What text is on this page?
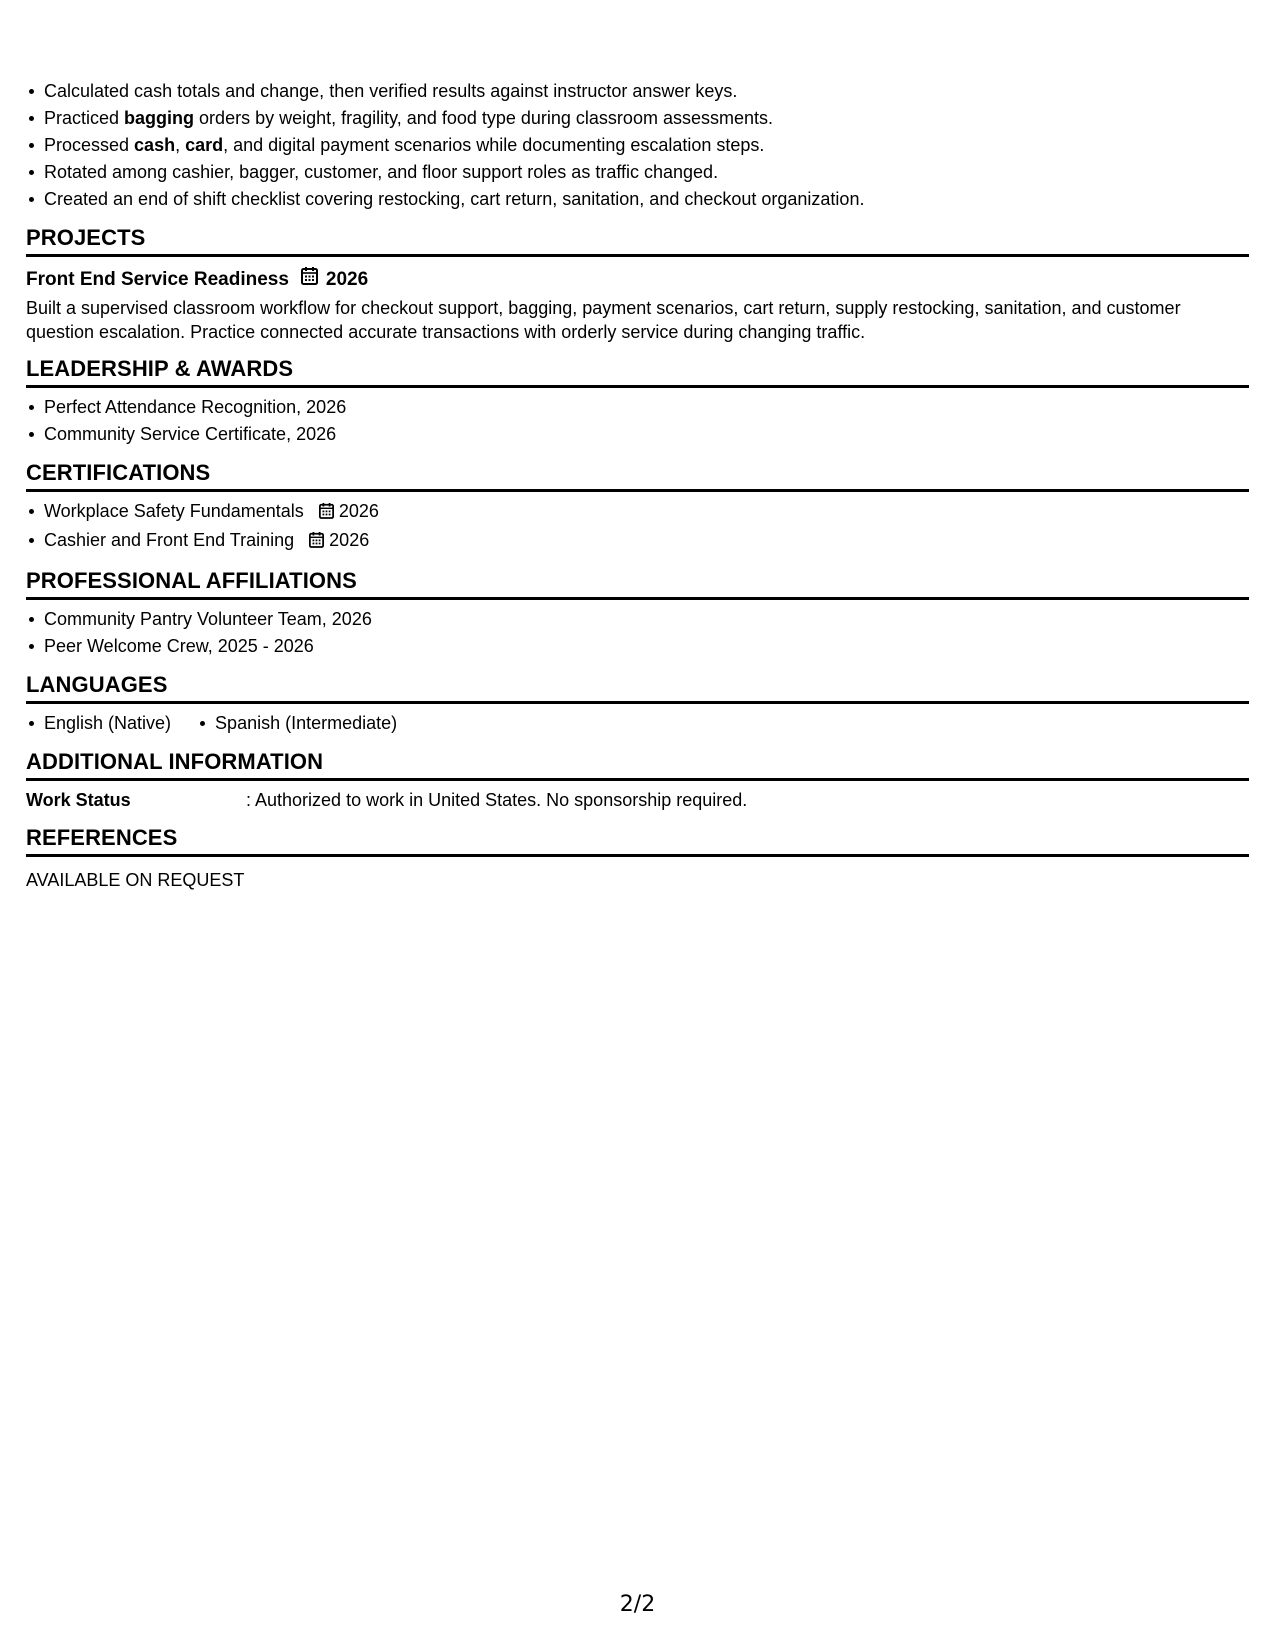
Calculated cash totals and change, then verified results against instructor answer keys.
Practiced bagging orders by weight, fragility, and food type during classroom assessments.
Processed cash, card, and digital payment scenarios while documenting escalation steps.
Rotated among cashier, bagger, customer, and floor support roles as traffic changed.
Created an end of shift checklist covering restocking, cart return, sanitation, and checkout organization.
PROJECTS
Front End Service Readiness 2026
Built a supervised classroom workflow for checkout support, bagging, payment scenarios, cart return, supply restocking, sanitation, and customer question escalation. Practice connected accurate transactions with orderly service during changing traffic.
LEADERSHIP & AWARDS
Perfect Attendance Recognition, 2026
Community Service Certificate, 2026
CERTIFICATIONS
Workplace Safety Fundamentals 2026
Cashier and Front End Training 2026
PROFESSIONAL AFFILIATIONS
Community Pantry Volunteer Team, 2026
Peer Welcome Crew, 2025 - 2026
LANGUAGES
English (Native) Spanish (Intermediate)
ADDITIONAL INFORMATION
Work Status	: Authorized to work in United States. No sponsorship required.
REFERENCES
AVAILABLE ON REQUEST
2/2
